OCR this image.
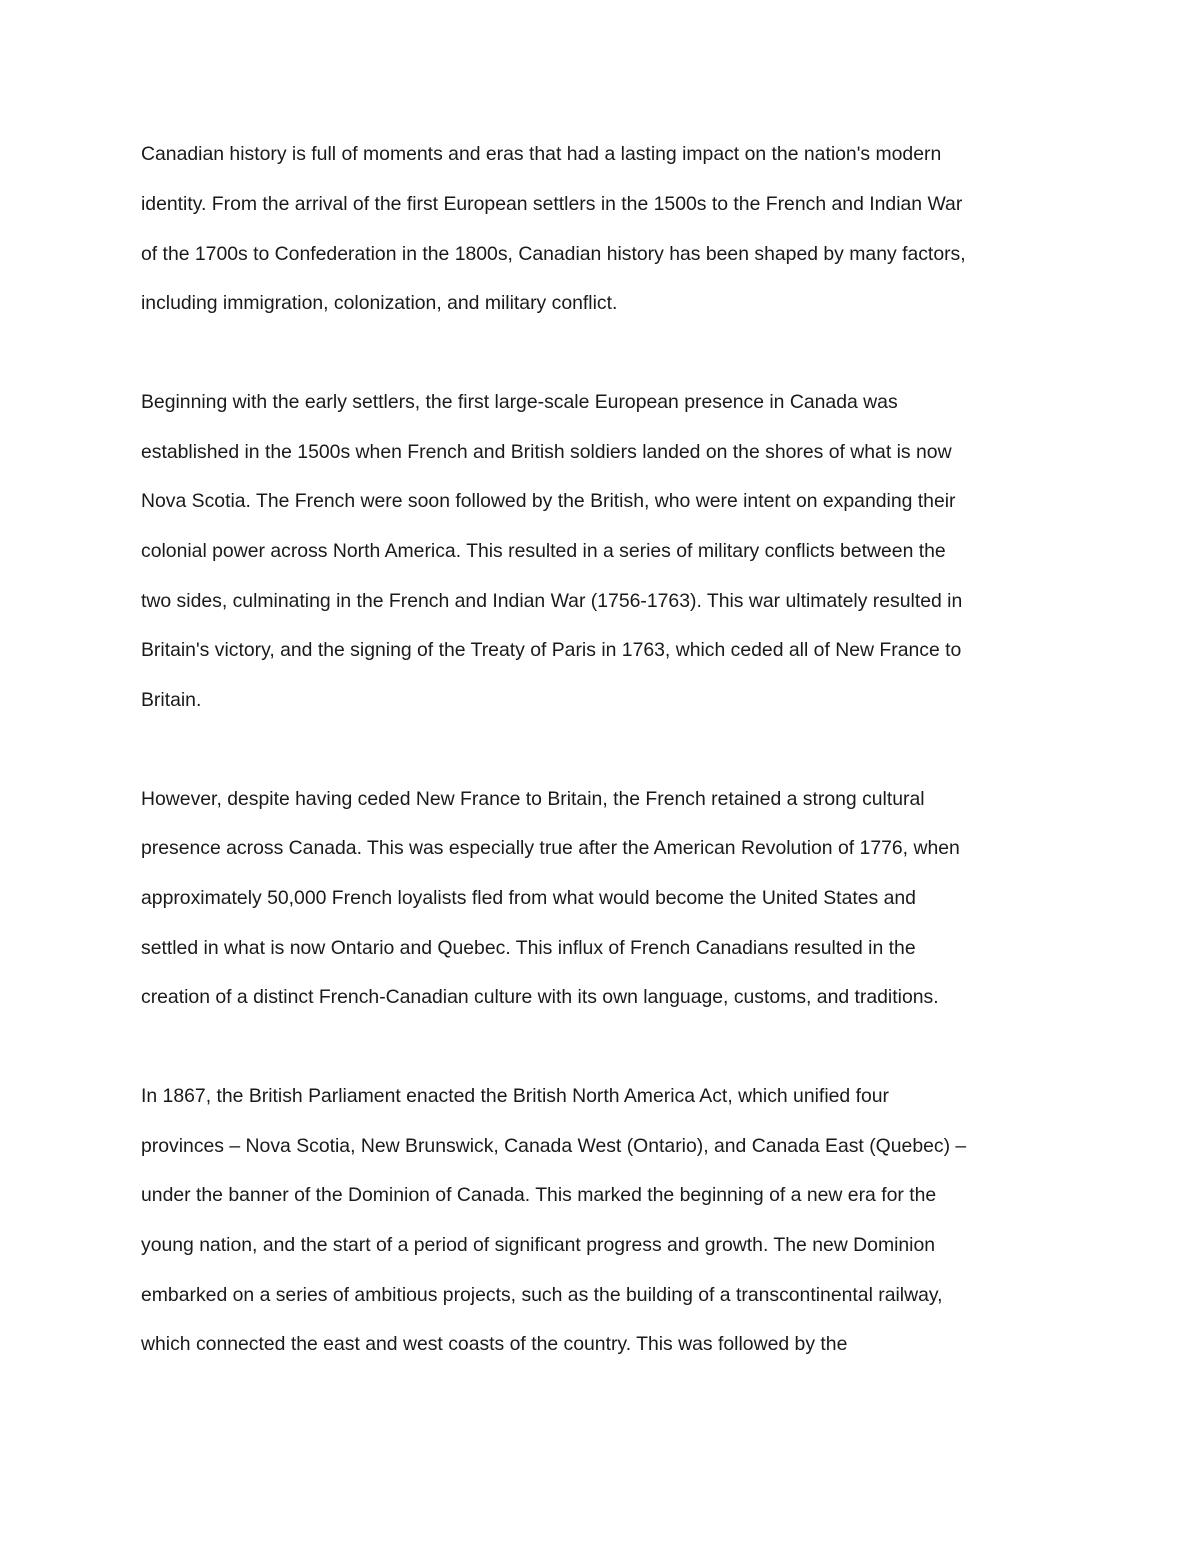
Canadian history is full of moments and eras that had a lasting impact on the nation's modern

identity. From the arrival of the first European settlers in the 1500s to the French and Indian War

of the 1700s to Confederation in the 1800s, Canadian history has been shaped by many factors,

including immigration, colonization, and military conflict.

Beginning with the early settlers, the first large-scale European presence in Canada was

established in the 1500s when French and British soldiers landed on the shores of what is now

Nova Scotia. The French were soon followed by the British, who were intent on expanding their

colonial power across North America. This resulted in a series of military conflicts between the

two sides, culminating in the French and Indian War (1756-1763). This war ultimately resulted in

Britain's victory, and the signing of the Treaty of Paris in 1763, which ceded all of New France to

Britain.

However, despite having ceded New France to Britain, the French retained a strong cultural

presence across Canada. This was especially true after the American Revolution of 1776, when

approximately 50,000 French loyalists fled from what would become the United States and

settled in what is now Ontario and Quebec. This influx of French Canadians resulted in the

creation of a distinct French-Canadian culture with its own language, customs, and traditions.

In 1867, the British Parliament enacted the British North America Act, which unified four

provinces – Nova Scotia, New Brunswick, Canada West (Ontario), and Canada East (Quebec) –

under the banner of the Dominion of Canada. This marked the beginning of a new era for the

young nation, and the start of a period of significant progress and growth. The new Dominion

embarked on a series of ambitious projects, such as the building of a transcontinental railway,

which connected the east and west coasts of the country. This was followed by the
